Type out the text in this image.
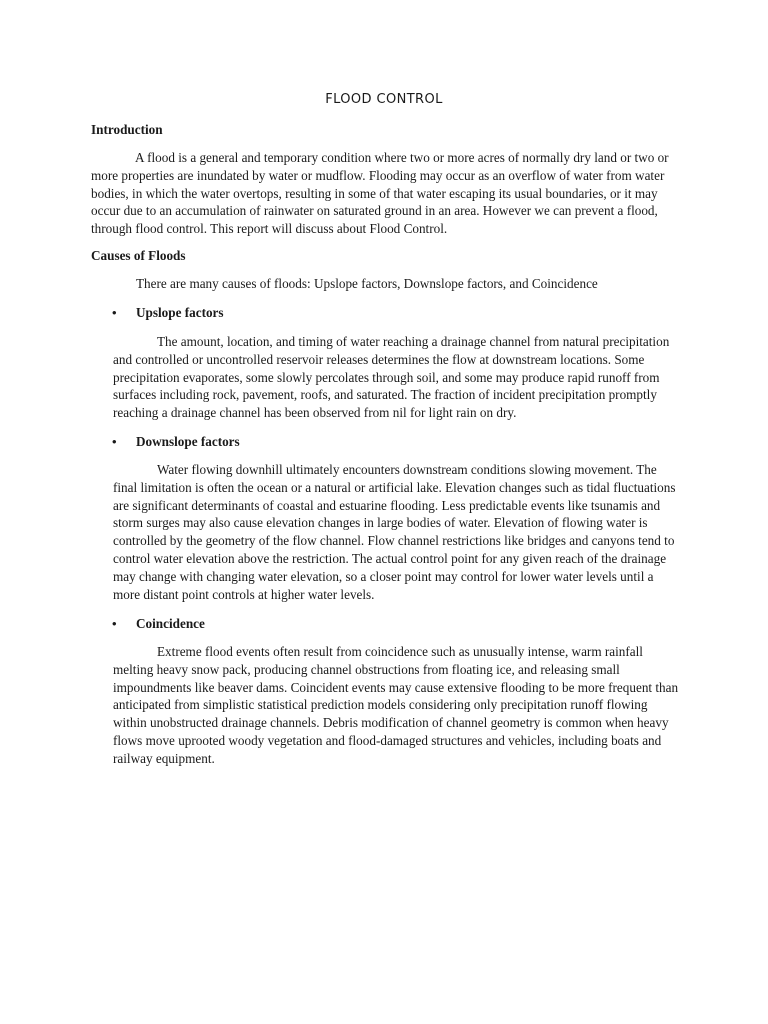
FLOOD CONTROL
Introduction
A flood is a general and temporary condition where two or more acres of normally dry land or two or more properties are inundated by water or mudflow. Flooding may occur as an overflow of water from water bodies, in which the water overtops, resulting in some of that water escaping its usual boundaries, or it may occur due to an accumulation of rainwater on saturated ground in an area. However we can prevent a flood, through flood control. This report will discuss about Flood Control.
Causes of Floods
There are many causes of floods: Upslope factors, Downslope factors, and Coincidence
• Upslope factors
The amount, location, and timing of water reaching a drainage channel from natural precipitation and controlled or uncontrolled reservoir releases determines the flow at downstream locations. Some precipitation evaporates, some slowly percolates through soil, and some may produce rapid runoff from surfaces including rock, pavement, roofs, and saturated. The fraction of incident precipitation promptly reaching a drainage channel has been observed from nil for light rain on dry.
• Downslope factors
Water flowing downhill ultimately encounters downstream conditions slowing movement. The final limitation is often the ocean or a natural or artificial lake. Elevation changes such as tidal fluctuations are significant determinants of coastal and estuarine flooding. Less predictable events like tsunamis and storm surges may also cause elevation changes in large bodies of water. Elevation of flowing water is controlled by the geometry of the flow channel. Flow channel restrictions like bridges and canyons tend to control water elevation above the restriction. The actual control point for any given reach of the drainage may change with changing water elevation, so a closer point may control for lower water levels until a more distant point controls at higher water levels.
• Coincidence
Extreme flood events often result from coincidence such as unusually intense, warm rainfall melting heavy snow pack, producing channel obstructions from floating ice, and releasing small impoundments like beaver dams. Coincident events may cause extensive flooding to be more frequent than anticipated from simplistic statistical prediction models considering only precipitation runoff flowing within unobstructed drainage channels. Debris modification of channel geometry is common when heavy flows move uprooted woody vegetation and flood-damaged structures and vehicles, including boats and railway equipment.
